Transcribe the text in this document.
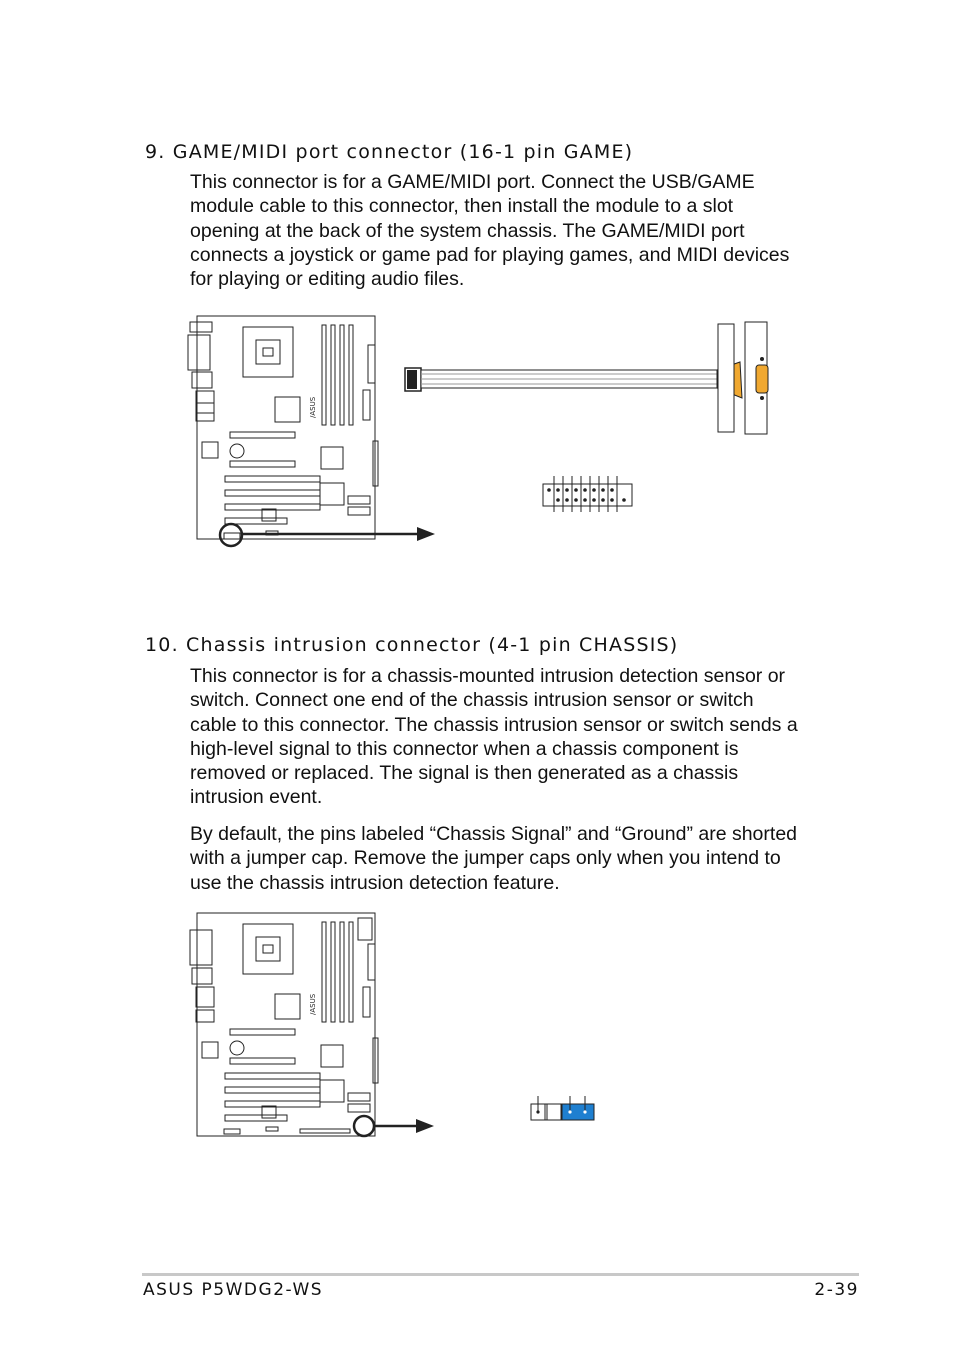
9. GAME/MIDI port connector (16-1 pin GAME)

This connector is for a GAME/MIDI port. Connect the USB/GAME
module cable to this connector, then install the module to a slot
opening at the back of the system chassis. The GAME/MIDI port
connects a joystick or game pad for playing games, and MIDI devices
for playing or editing audio files.

/ASUS
10. Chassis intrusion connector (4-1 pin CHASSIS)

This connector is for a chassis-mounted intrusion detection sensor or
switch. Connect one end of the chassis intrusion sensor or switch
cable to this connector. The chassis intrusion sensor or switch sends a
high-level signal to this connector when a chassis component is
removed or replaced. The signal is then generated as a chassis
intrusion event.

By default, the pins labeled “Chassis Signal” and “Ground” are shorted
with a jumper cap. Remove the jumper caps only when you intend to
use the chassis intrusion detection feature.

/ASUS
ASUS P5WDG2-WS	2-39
